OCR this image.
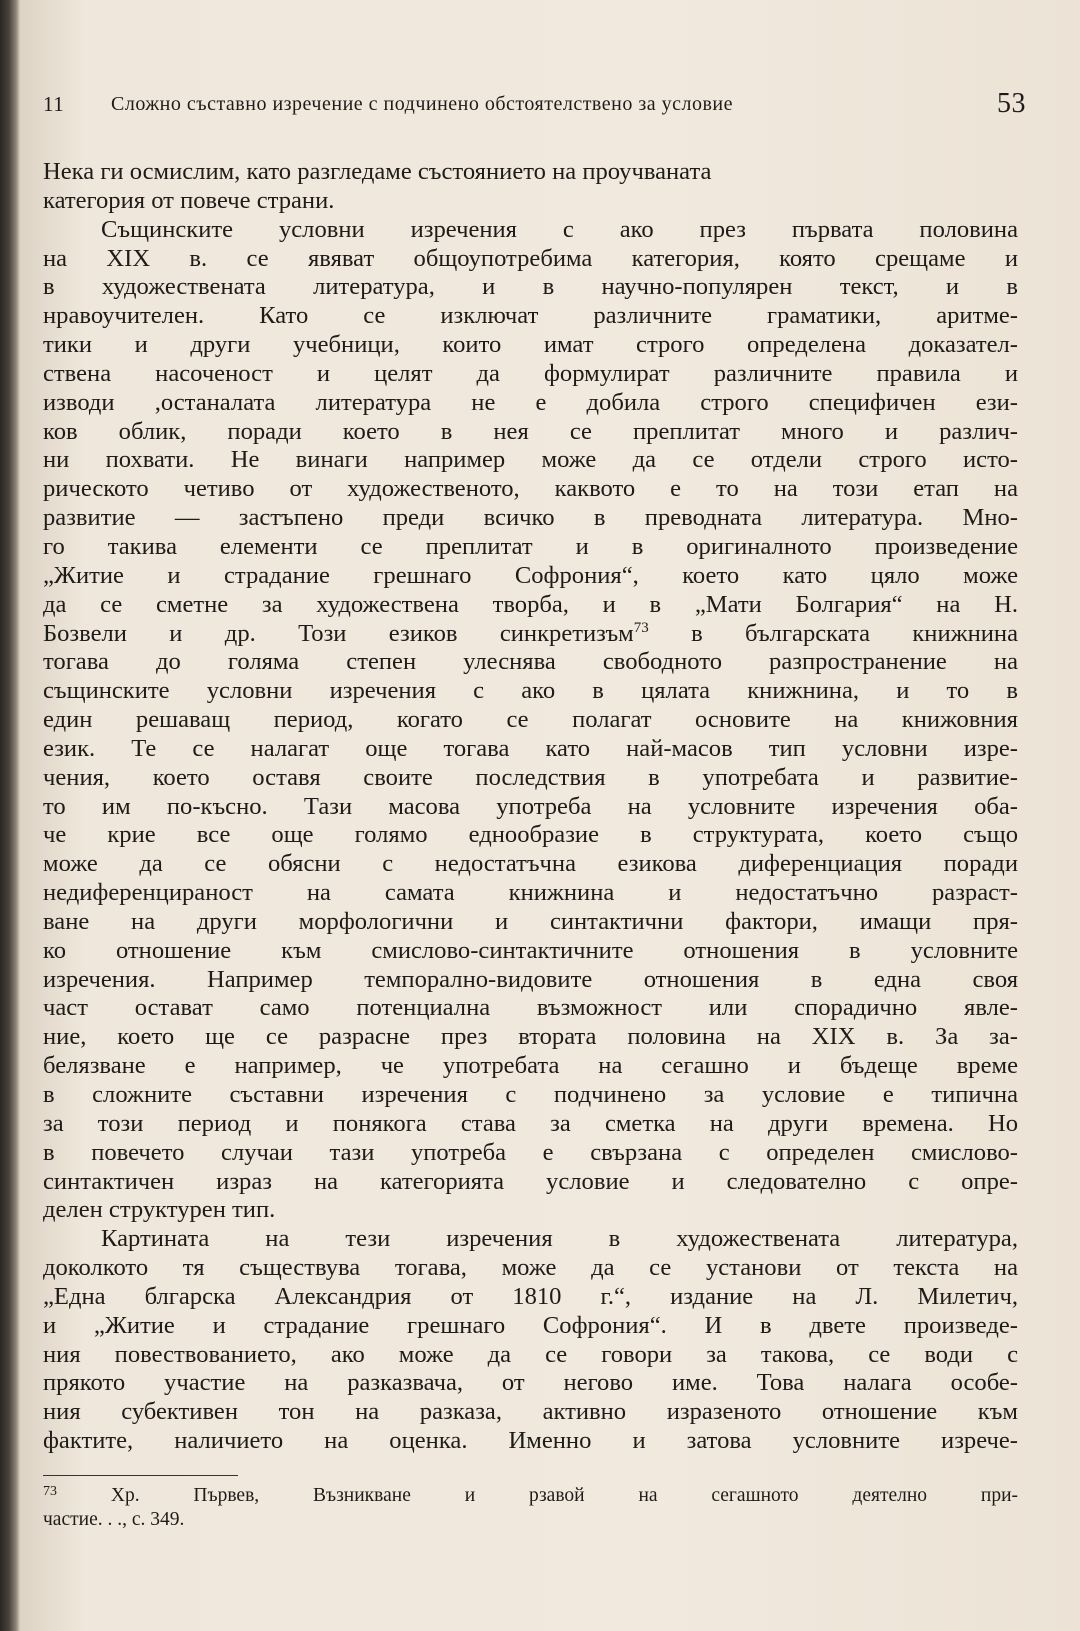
11 Сложно съставно изречение с подчинено обстоятелствено за условие	53
Нека ги осмислим, като разгледаме състоянието на проучваната
категория от повече страни.
Същинските условни изречения с ако през първата половина
на XIX в. се явяват общоупотребима категория, която срещаме и
в художествената литература, и в научно-популярен текст, и в
нравоучителен. Като се изключат различните граматики, аритме-
тики и други учебници, които имат строго определена доказател-
ствена насоченост и целят да формулират различните правила и
изводи ,останалата литература не е добила строго специфичен ези-
ков облик, поради което в нея се преплитат много и различ-
ни похвати. Не винаги например може да се отдели строго исто-
рическото четиво от художественото, каквото е то на този етап на
развитие — застъпено преди всичко в преводната литература. Мно-
го такива елементи се преплитат и в оригиналното произведение
„Житие и страдание грешнаго Софрония“, което като цяло може
да се сметне за художествена творба, и в „Мати Болгария“ на Н.
Бозвели и др. Този езиков синкретизъм$^{73}$ в българската книжнина
тогава до голяма степен улеснява свободното разпространение на
същинските условни изречения с ако в цялата книжнина, и то в
един решаващ период, когато се полагат основите на книжовния
език. Те се налагат още тогава като най-масов тип условни изре-
чения, което оставя своите последствия в употребата и развитие-
то им по-късно. Тази масова употреба на условните изречения оба-
че крие все още голямо еднообразие в структурата, което също
може да се обясни с недостатъчна езикова диференциация поради
недиференцираност на самата книжнина и недостатъчно разраст-
ване на други морфологични и синтактични фактори, имащи пря-
ко отношение към смислово-синтактичните отношения в условните
изречения. Например темпорално-видовите отношения в една своя
част остават само потенциална възможност или спорадично явле-
ние, което ще се разрасне през втората половина на XIX в. За за-
белязване е например, че употребата на сегашно и бъдеще време
в сложните съставни изречения с подчинено за условие е типична
за този период и понякога става за сметка на други времена. Но
в повечето случаи тази употреба е свързана с определен смислово-
синтактичен израз на категорията условие и следователно с опре-
делен структурен тип.
Картината на тези изречения в художествената литература,
доколкото тя съществува тогава, може да се установи от текста на
„Една блгарска Александрия от 1810 г.“, издание на Л. Милетич,
и „Житие и страдание грешнаго Софрония“. И в двете произведе-
ния повествованието, ако може да се говори за такова, се води с
прякото участие на разказвача, от негово име. Това налага особе-
ния субективен тон на разказа, активно изразеното отношение към
фактите, наличието на оценка. Именно и затова условните изрече-
$^{73}$	Хр. Първев, Възникване и рзавой на сегашното деятелно при-
частие. . ., с. 349.
